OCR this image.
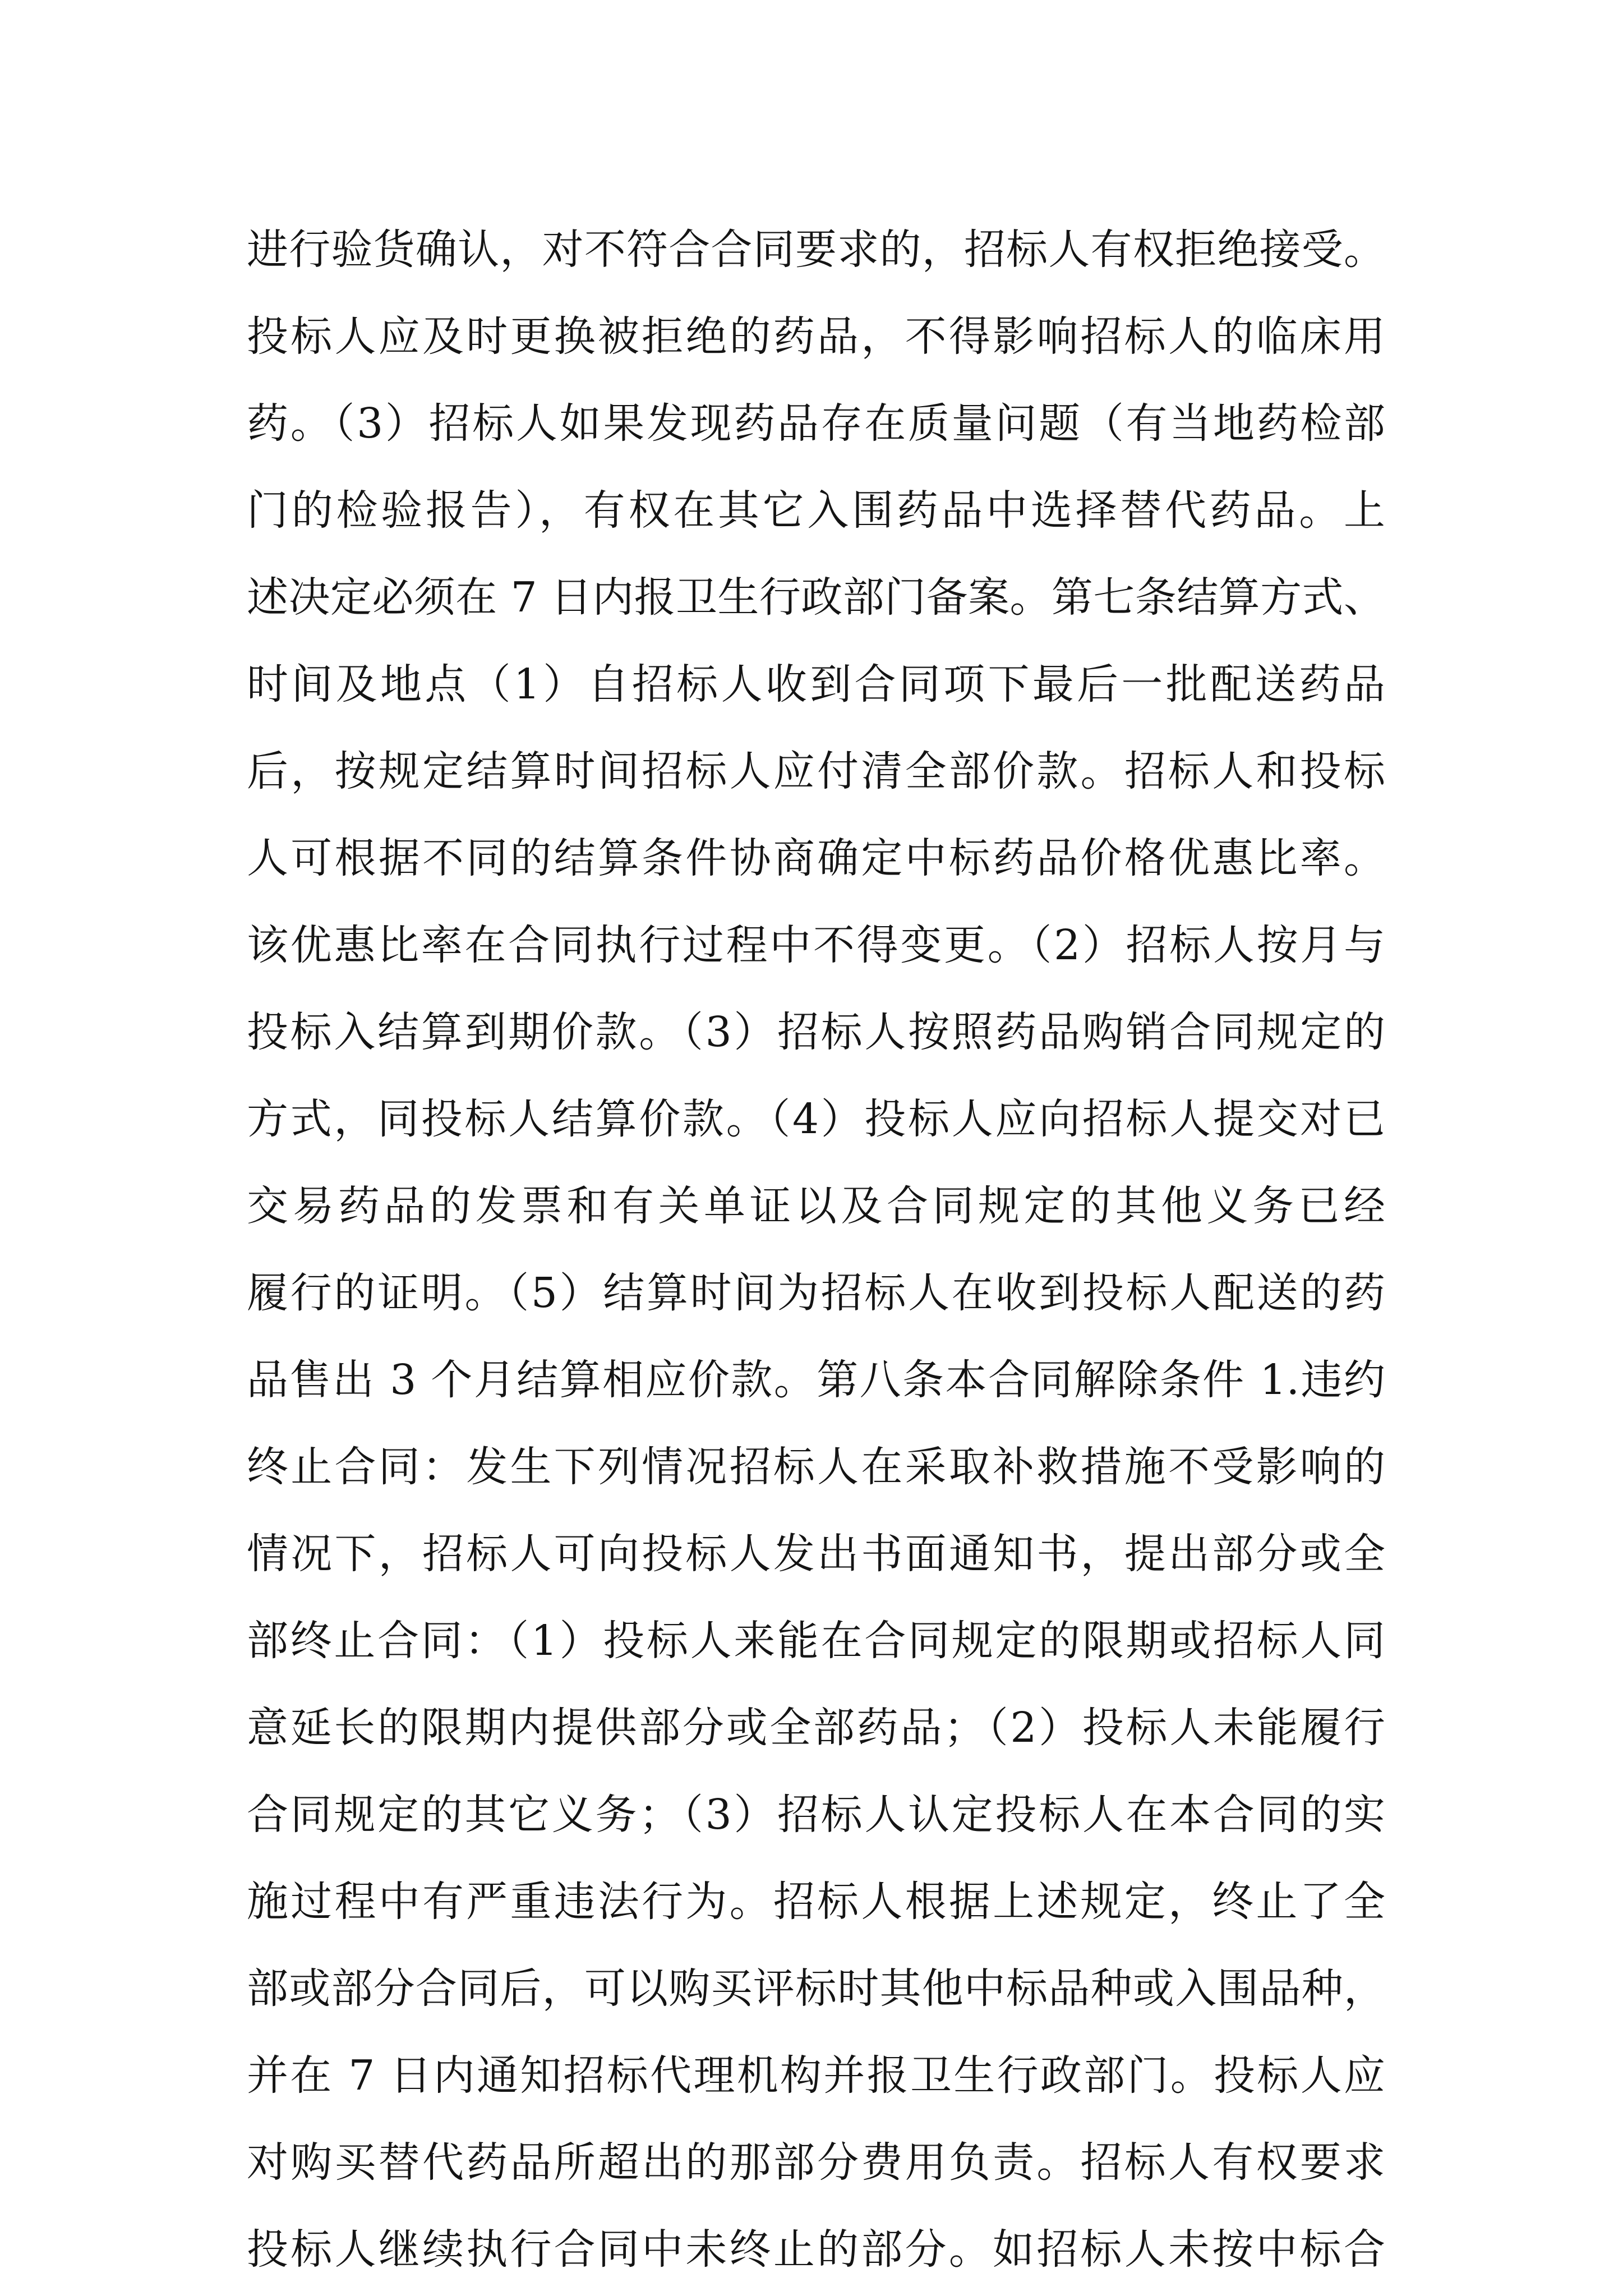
进行验货确认，对不符合合同要求的，招标人有权拒绝接受。
投标人应及时更换被拒绝的药品，不得影响招标人的临床用
药。（3）招标人如果发现药品存在质量问题（有当地药检部
门的检验报告），有权在其它入围药品中选择替代药品。上
述决定必须在 7 日内报卫生行政部门备案。第七条结算方式、
时间及地点（1）自招标人收到合同项下最后一批配送药品
后，按规定结算时间招标人应付清全部价款。招标人和投标
人可根据不同的结算条件协商确定中标药品价格优惠比率。
该优惠比率在合同执行过程中不得变更。（2）招标人按月与
投标入结算到期价款。（3）招标人按照药品购销合同规定的
方式，同投标人结算价款。（4）投标人应向招标人提交对已
交易药品的发票和有关单证以及合同规定的其他义务已经
履行的证明。（5）结算时间为招标人在收到投标人配送的药
品售出 3 个月结算相应价款。第八条本合同解除条件 1.违约
终止合同：发生下列情况招标人在采取补救措施不受影响的
情况下，招标人可向投标人发出书面通知书，提出部分或全
部终止合同：（1）投标人来能在合同规定的限期或招标人同
意延长的限期内提供部分或全部药品；（2）投标人未能履行
合同规定的其它义务；（3）招标人认定投标人在本合同的实
施过程中有严重违法行为。招标人根据上述规定，终止了全
部或部分合同后，可以购买评标时其他中标品种或入围品种，
并在 7 日内通知招标代理机构并报卫生行政部门。投标人应
对购买替代药品所超出的那部分费用负责。招标人有权要求
投标人继续执行合同中未终止的部分。如招标人未按中标合
